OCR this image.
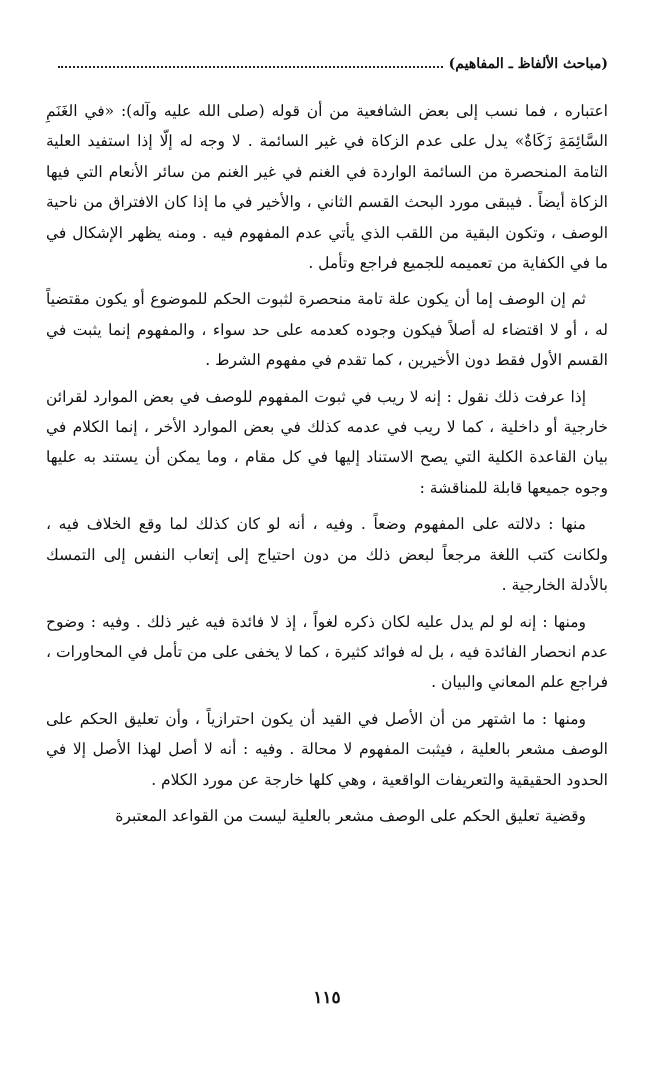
(مباحث الألفاظ ـ المفاهيم)

اعتباره ، فما نسب إلى بعض الشافعية من أن قوله (صلى الله عليه وآله): «في الغَنَمِ السَّائِمَةِ زَكَاةٌ» يدل على عدم الزكاة في غير السائمة . لا وجه له إلّا إذا استفيد العلية التامة المنحصرة من السائمة الواردة في الغنم في غير الغنم من سائر الأنعام التي فيها الزكاة أيضاً . فيبقى مورد البحث القسم الثاني ، والأخير في ما إذا كان الافتراق من ناحية الوصف ، وتكون البقية من اللقب الذي يأتي عدم المفهوم فيه . ومنه يظهر الإشكال في ما في الكفاية من تعميمه للجميع فراجع وتأمل .

ثم إن الوصف إما أن يكون علة تامة منحصرة لثبوت الحكم للموضوع أو يكون مقتضياً له ، أو لا اقتضاء له أصلاً فيكون وجوده كعدمه على حد سواء ، والمفهوم إنما يثبت في القسم الأول فقط دون الأخيرين ، كما تقدم في مفهوم الشرط .

إذا عرفت ذلك نقول : إنه لا ريب في ثبوت المفهوم للوصف في بعض الموارد لقرائن خارجية أو داخلية ، كما لا ريب في عدمه كذلك في بعض الموارد الأخر ، إنما الكلام في بيان القاعدة الكلية التي يصح الاستناد إليها في كل مقام ، وما يمكن أن يستند به عليها وجوه جميعها قابلة للمناقشة :

منها : دلالته على المفهوم وضعاً . وفيه ، أنه لو كان كذلك لما وقع الخلاف فيه ، ولكانت كتب اللغة مرجعاً لبعض ذلك من دون احتياج إلى إتعاب النفس إلى التمسك بالأدلة الخارجية .

ومنها : إنه لو لم يدل عليه لكان ذكره لغواً ، إذ لا فائدة فيه غير ذلك . وفيه : وضوح عدم انحصار الفائدة فيه ، بل له فوائد كثيرة ، كما لا يخفى على من تأمل في المحاورات ، فراجع علم المعاني والبيان .

ومنها : ما اشتهر من أن الأصل في القيد أن يكون احترازياً ، وأن تعليق الحكم على الوصف مشعر بالعلية ، فيثبت المفهوم لا محالة . وفيه : أنه لا أصل لهذا الأصل إلا في الحدود الحقيقية والتعريفات الواقعية ، وهي كلها خارجة عن مورد الكلام .

وقضية تعليق الحكم على الوصف مشعر بالعلية ليست من القواعد المعتبرة

١١٥
